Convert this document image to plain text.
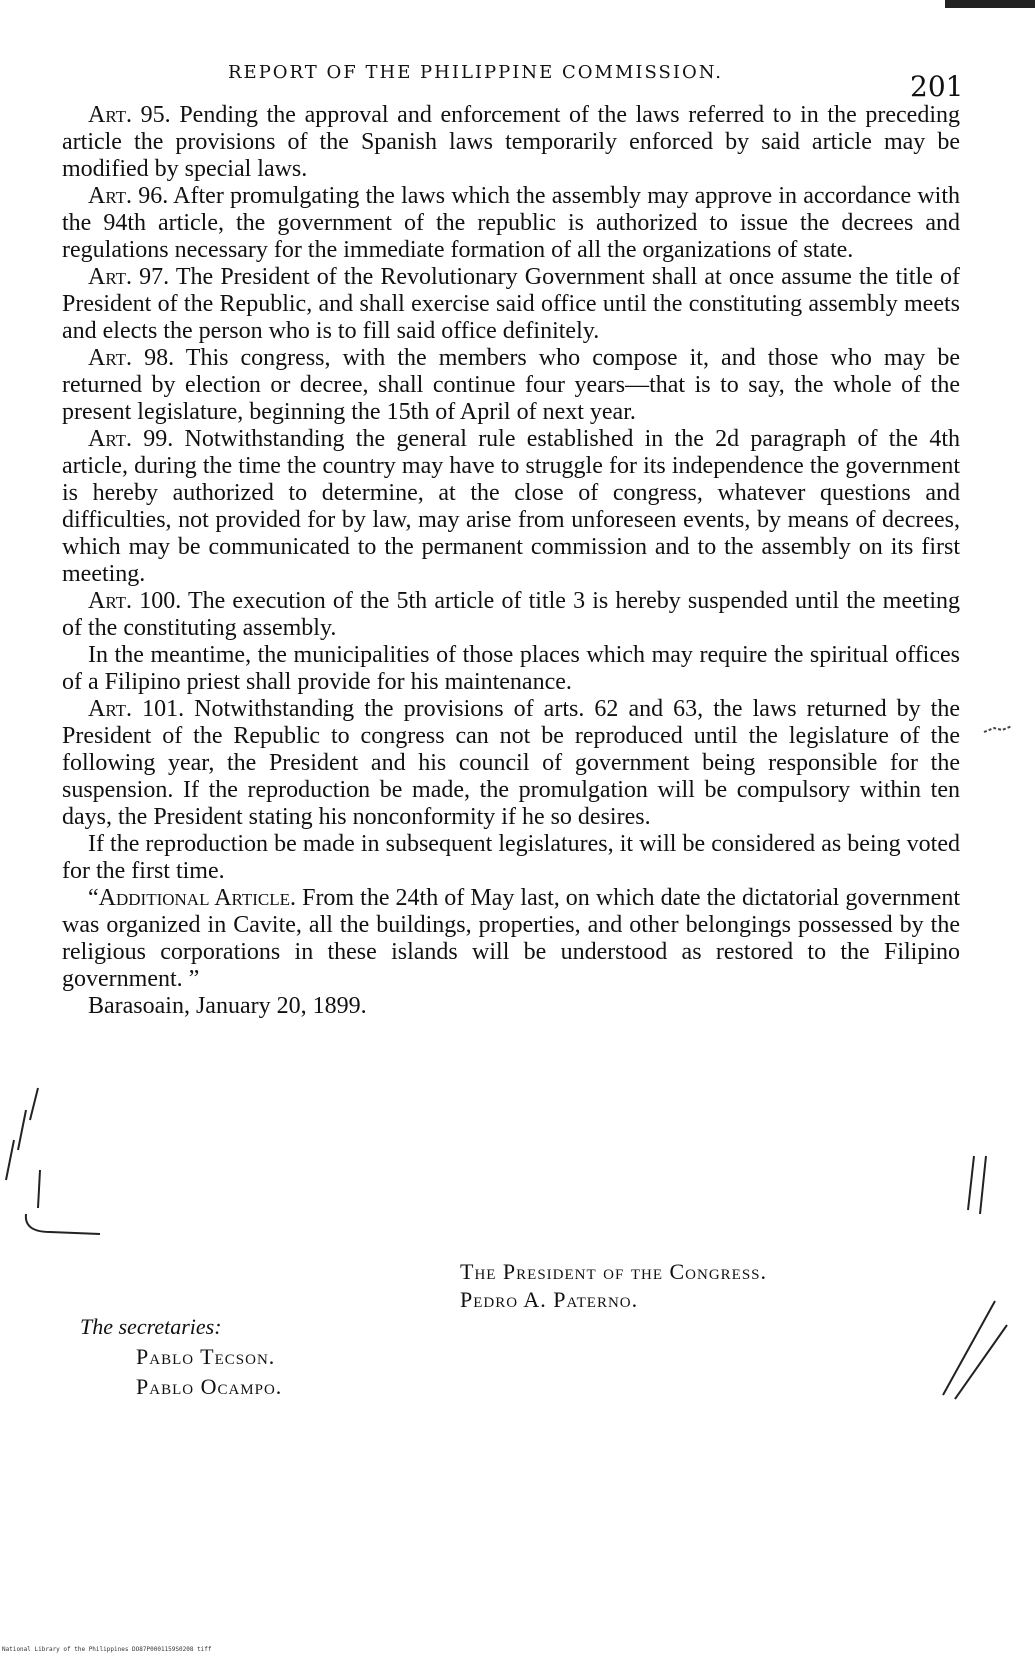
REPORT OF THE PHILIPPINE COMMISSION.	201

Art. 95. Pending the approval and enforcement of the laws referred to in the preceding article the provisions of the Spanish laws temporarily enforced by said article may be modified by special laws.

Art. 96. After promulgating the laws which the assembly may approve in accordance with the 94th article, the government of the republic is authorized to issue the decrees and regulations necessary for the immediate formation of all the organizations of state.

Art. 97. The President of the Revolutionary Government shall at once assume the title of President of the Republic, and shall exercise said office until the constituting assembly meets and elects the person who is to fill said office definitely.

Art. 98. This congress, with the members who compose it, and those who may be returned by election or decree, shall continue four years—that is to say, the whole of the present legislature, beginning the 15th of April of next year.

Art. 99. Notwithstanding the general rule established in the 2d paragraph of the 4th article, during the time the country may have to struggle for its independence the government is hereby authorized to determine, at the close of congress, whatever questions and difficulties, not provided for by law, may arise from unforeseen events, by means of decrees, which may be communicated to the permanent commission and to the assembly on its first meeting.

Art. 100. The execution of the 5th article of title 3 is hereby suspended until the meeting of the constituting assembly.

In the meantime, the municipalities of those places which may require the spiritual offices of a Filipino priest shall provide for his maintenance.

Art. 101. Notwithstanding the provisions of arts. 62 and 63, the laws returned by the President of the Republic to congress can not be reproduced until the legislature of the following year, the President and his council of government being responsible for the suspension. If the reproduction be made, the promulgation will be compulsory within ten days, the President stating his nonconformity if he so desires.

If the reproduction be made in subsequent legislatures, it will be considered as being voted for the first time.

“Additional Article. From the 24th of May last, on which date the dictatorial government was organized in Cavite, all the buildings, properties, and other belongings possessed by the religious corporations in these islands will be understood as restored to the Filipino government. ”

Barasoain, January 20, 1899.

The President of the Congress.
Pedro A. Paterno.
The secretaries:
Pablo Tecson.
Pablo Ocampo.
National Library of the Philippines DO87P0001159S0208 tiff
